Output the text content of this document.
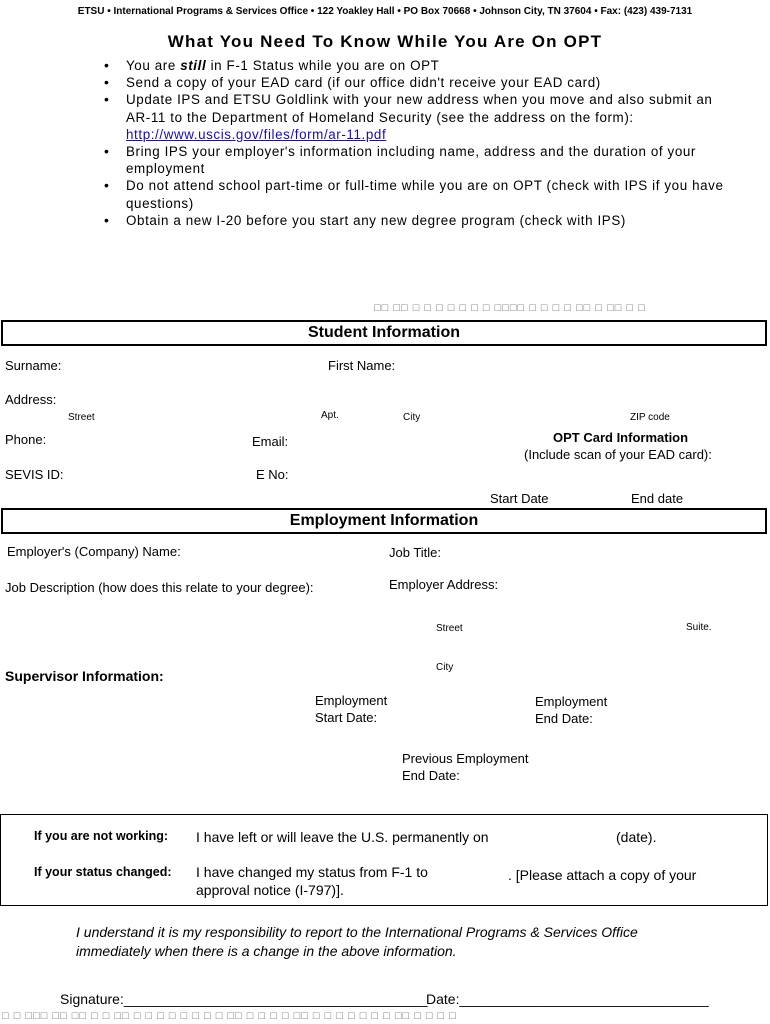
ETSU • International Programs & Services Office • 122 Yoakley Hall • PO Box 70668 • Johnson City, TN 37604 • Fax: (423) 439-7131
What You Need To Know While You Are On OPT
• You are still in F-1 Status while you are on OPT
• Send a copy of your EAD card (if our office didn't receive your EAD card)
• Update IPS and ETSU Goldlink with your new address when you move and also submit an AR-11 to the Department of Homeland Security (see the address on the form): http://www.uscis.gov/files/form/ar-11.pdf
• Bring IPS your employer's information including name, address and the duration of your employment
• Do not attend school part-time or full-time while you are on OPT (check with IPS if you have questions)
• Obtain a new I-20 before you start any new degree program (check with IPS)
□□ □□ □ □ □ □ □ □ □ □□□□ □ □ □ □ □□ □ □□ □ □
Student Information
Surname:	First Name:
Address:
Street	Apt.	City	ZIP code
Phone:	Email:	OPT Card Information
(Include scan of your EAD card):
SEVIS ID:	E No:
Start Date	End date
Employment Information
Employer's (Company) Name:	Job Title:
Job Description (how does this relate to your degree):	Employer Address:
Street	Suite.
City
Supervisor Information:
Employment
Start Date:
Employment
End Date:
Previous Employment
End Date:
If you are not working: I have left or will leave the U.S. permanently on	(date).
If your status changed: I have changed my status from F-1 to
approval notice (I-797)].
. [Please attach a copy of your
I understand it is my responsibility to report to the International Programs & Services Office immediately when there is a change in the above information.
Signature:_______________________________________
Date:________________________________
□ □ □□□ □□ □□ □ □ □□ □ □ □ □ □ □ □ □ □□ □ □ □ □ □□ □ □ □ □ □ □ □ □□ □ □ □ □
